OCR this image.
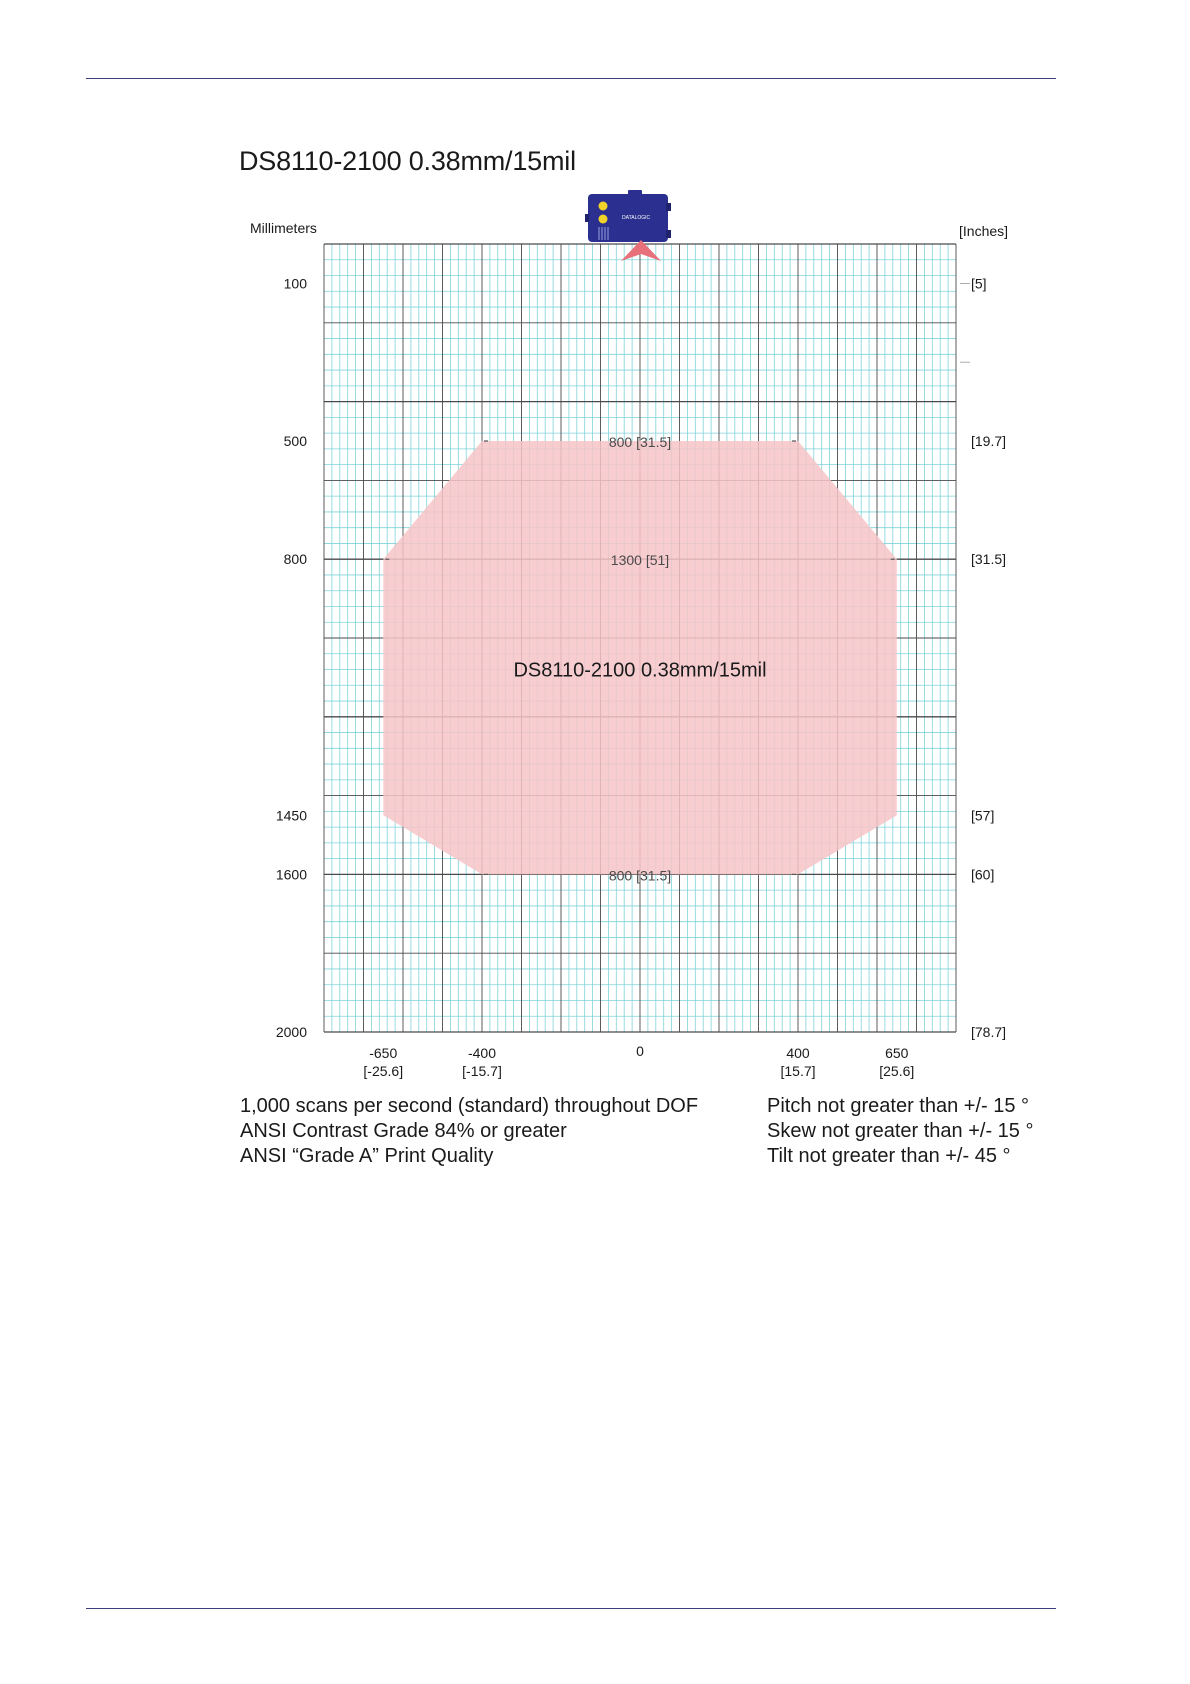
DS8110-2100 0.38mm/15mil
800 [31.5]
1300 [51]
800 [31.5]
100	[5]
500	[19.7]
800	[31.5]
1450	[57]
1600	[60]
2000	[78.7]
-650
[-25.6]
-400
[-15.7]
0	400
[15.7]
650
[25.6]
DATALOGIC
DS8110-2100 0.38mm/15mil
Millimeters	[Inches]
1,000 scans per second (standard) throughout DOF
ANSI Contrast Grade 84% or greater
ANSI “Grade A” Print Quality
Pitch not greater than +/- 15 °
Skew not greater than +/- 15 °
Tilt not greater than +/- 45 °
